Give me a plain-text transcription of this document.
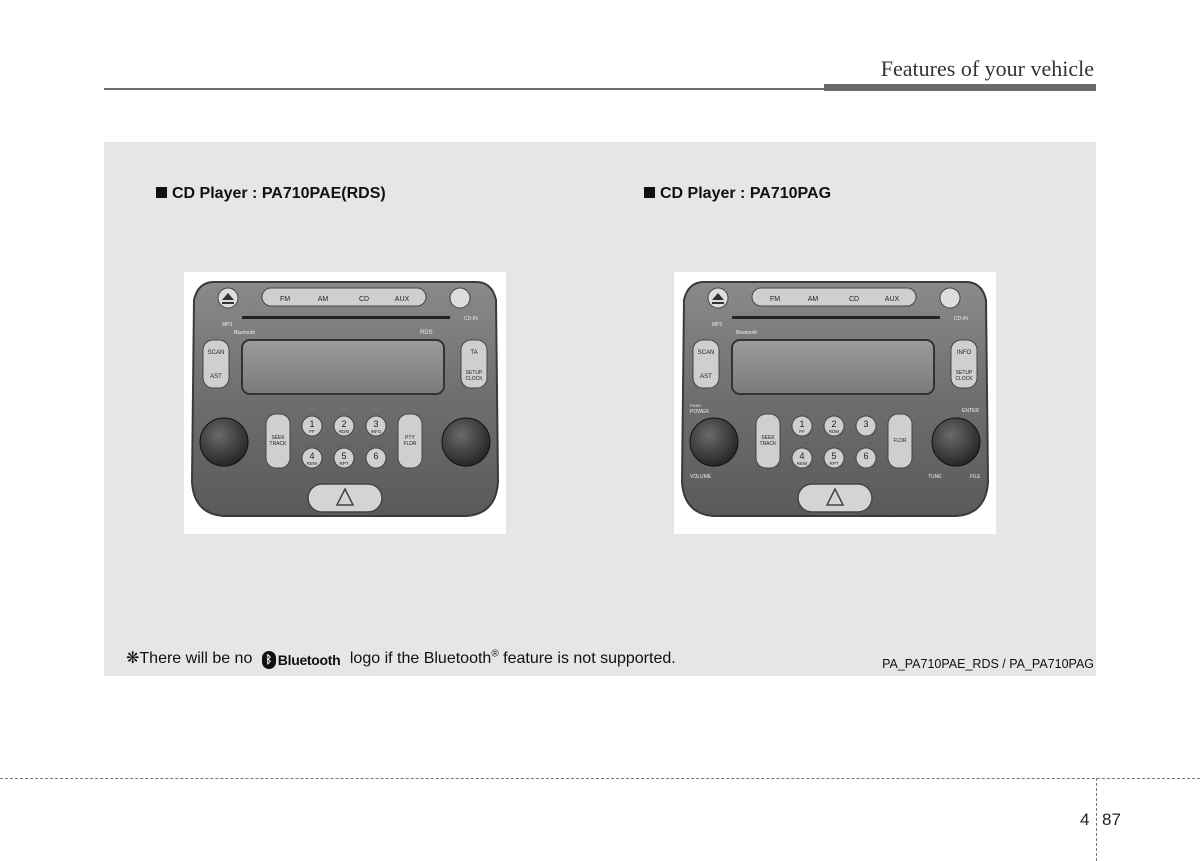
Features of your vehicle
CD Player : PA710PAE(RDS)	CD Player : PA710PAG
FM	AM	CD	AUX
CD-IN
MP3
Bluetooth	RDS
SCAN
AST
TA
SETUP
CLOCK
SEEK
TRACK
PTY
FLDR
1	2	3
4	5	6
FF	RDM	INFO
REW	RPT
FM	AM	CD	AUX
CD-IN
MP3
Bluetooth
SCAN
AST
INFO
SETUP
CLOCK
PUSH
POWER
VOLUME
ENTER
TUNE	FILE
SEEK
TRACK	FLDR
1	2	3
4	5	6
FF	RDM
REW	RPT
❋There will be no ᛒ Bluetooth logo if the Bluetooth® feature is not supported.	PA_PA710PAE_RDS / PA_PA710PAG
4 87
